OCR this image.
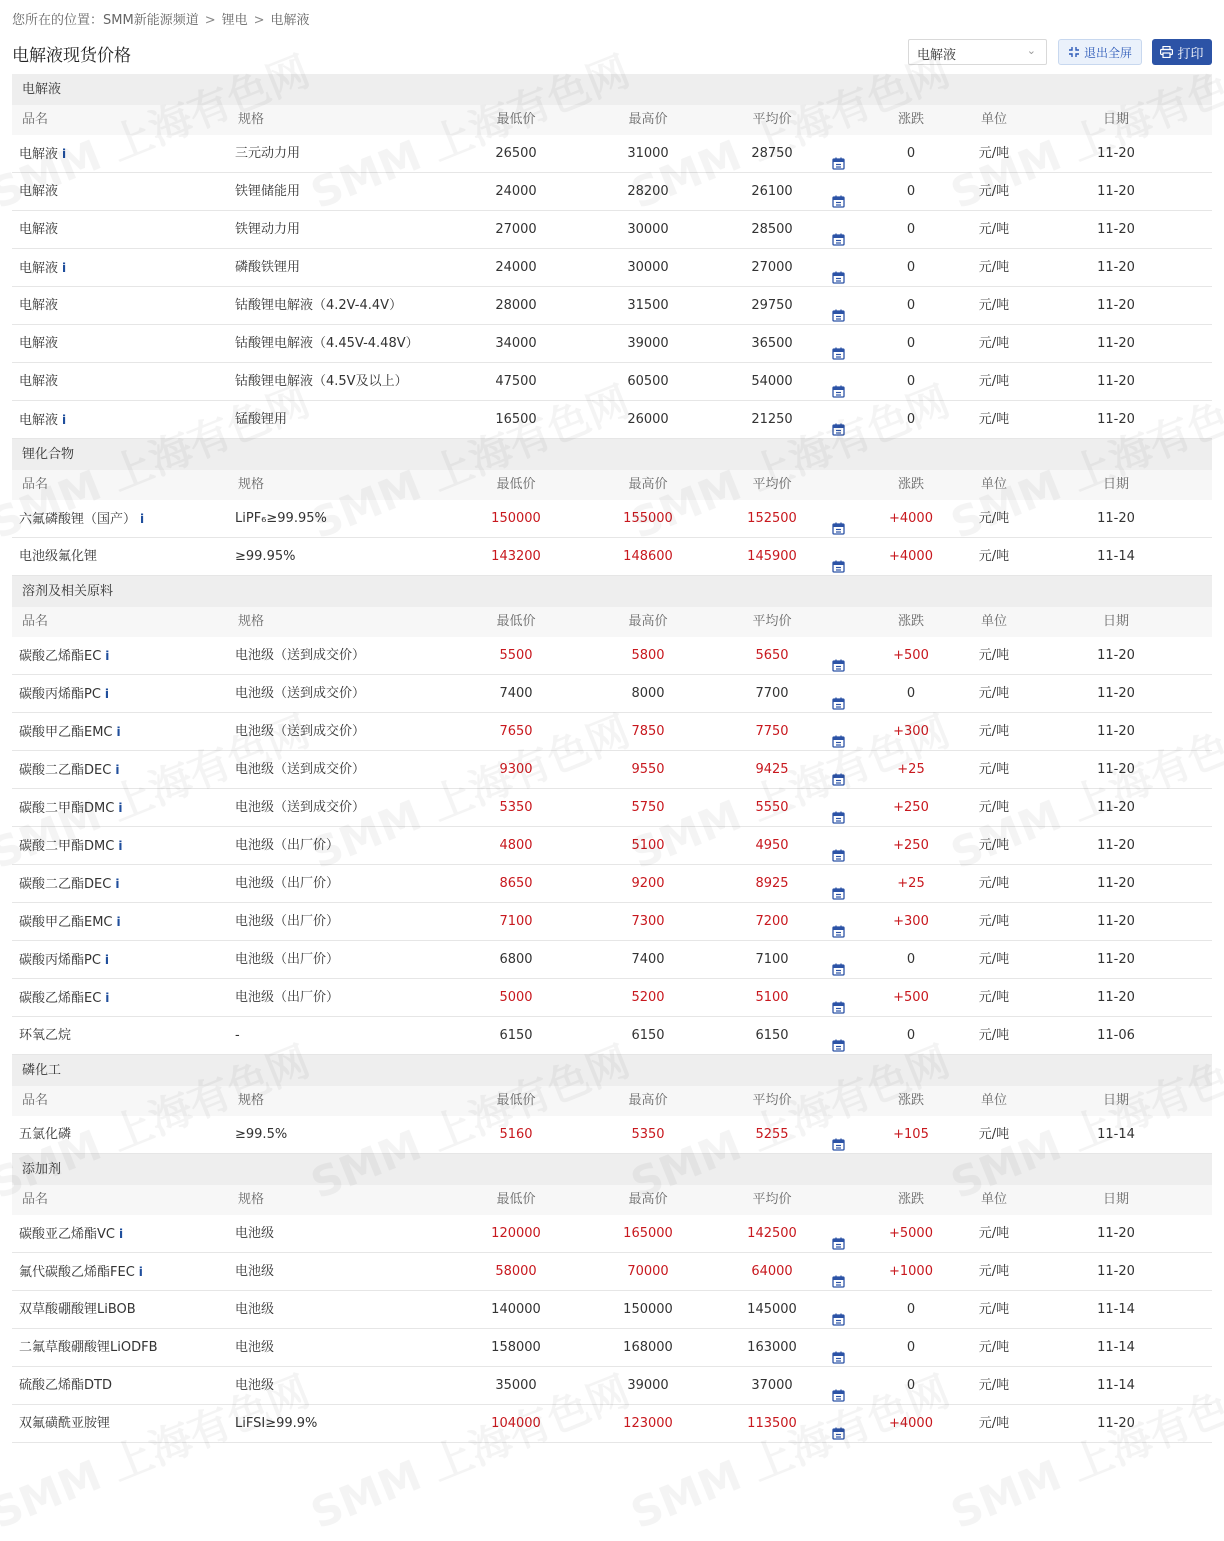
您所在的位置：SMM新能源频道 > 锂电 > 电解液
电解液现货价格	电解液	⌄	退出全屏	打印
电解液
品名	规格	最低价	最高价	平均价	涨跌	单位	日期
电解液 i	三元动力用	26500	31000	28750	0	元/吨	11-20
电解液	铁锂储能用	24000	28200	26100	0	元/吨	11-20
电解液	铁锂动力用	27000	30000	28500	0	元/吨	11-20
电解液 i	磷酸铁锂用	24000	30000	27000	0	元/吨	11-20
电解液	钴酸锂电解液（4.2V-4.4V）	28000	31500	29750	0	元/吨	11-20
电解液	钴酸锂电解液（4.45V-4.48V）	34000	39000	36500	0	元/吨	11-20
电解液	钴酸锂电解液（4.5V及以上）	47500	60500	54000	0	元/吨	11-20
电解液 i	锰酸锂用	16500	26000	21250	0	元/吨	11-20
锂化合物
品名	规格	最低价	最高价	平均价	涨跌	单位	日期
六氟磷酸锂（国产） i	LiPF₆≥99.95%	150000	155000	152500	+4000	元/吨	11-20
电池级氟化锂	≥99.95%	143200	148600	145900	+4000	元/吨	11-14
溶剂及相关原料
品名	规格	最低价	最高价	平均价	涨跌	单位	日期
碳酸乙烯酯EC i	电池级（送到成交价）	5500	5800	5650	+500	元/吨	11-20
碳酸丙烯酯PC i	电池级（送到成交价）	7400	8000	7700	0	元/吨	11-20
碳酸甲乙酯EMC i	电池级（送到成交价）	7650	7850	7750	+300	元/吨	11-20
碳酸二乙酯DEC i	电池级（送到成交价）	9300	9550	9425	+25	元/吨	11-20
碳酸二甲酯DMC i	电池级（送到成交价）	5350	5750	5550	+250	元/吨	11-20
碳酸二甲酯DMC i	电池级（出厂价）	4800	5100	4950	+250	元/吨	11-20
碳酸二乙酯DEC i	电池级（出厂价）	8650	9200	8925	+25	元/吨	11-20
碳酸甲乙酯EMC i	电池级（出厂价）	7100	7300	7200	+300	元/吨	11-20
碳酸丙烯酯PC i	电池级（出厂价）	6800	7400	7100	0	元/吨	11-20
碳酸乙烯酯EC i	电池级（出厂价）	5000	5200	5100	+500	元/吨	11-20
环氧乙烷	-	6150	6150	6150	0	元/吨	11-06
磷化工
品名	规格	最低价	最高价	平均价	涨跌	单位	日期
五氯化磷	≥99.5%	5160	5350	5255	+105	元/吨	11-14
添加剂
品名	规格	最低价	最高价	平均价	涨跌	单位	日期
碳酸亚乙烯酯VC i	电池级	120000	165000	142500	+5000	元/吨	11-20
氟代碳酸乙烯酯FEC i	电池级	58000	70000	64000	+1000	元/吨	11-20
双草酸硼酸锂LiBOB	电池级	140000	150000	145000	0	元/吨	11-14
二氟草酸硼酸锂LiODFB	电池级	158000	168000	163000	0	元/吨	11-14
硫酸乙烯酯DTD	电池级	35000	39000	37000	0	元/吨	11-14
双氟磺酰亚胺锂	LiFSI≥99.9%	104000	123000	113500	+4000	元/吨	11-20
